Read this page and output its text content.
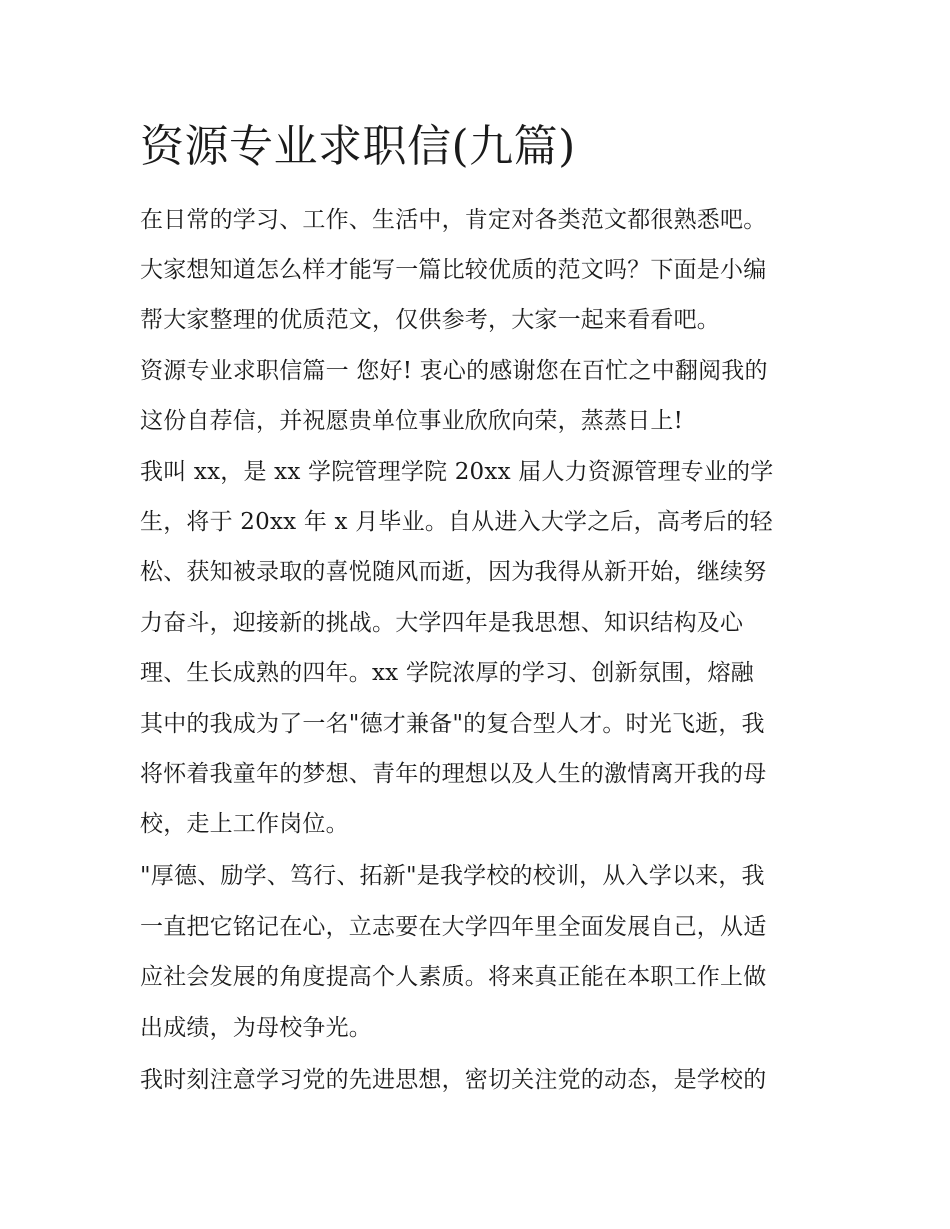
资源专业求职信(九篇)

在日常的学习、工作、生活中，肯定对各类范文都很熟悉吧。

大家想知道怎么样才能写一篇比较优质的范文吗？下面是小编

帮大家整理的优质范文，仅供参考，大家一起来看看吧。

资源专业求职信篇一 您好! 衷心的感谢您在百忙之中翻阅我的

这份自荐信，并祝愿贵单位事业欣欣向荣，蒸蒸日上!

我叫 xx，是 xx 学院管理学院 20xx 届人力资源管理专业的学

生，将于 20xx 年 x 月毕业。自从进入大学之后，高考后的轻

松、获知被录取的喜悦随风而逝，因为我得从新开始，继续努

力奋斗，迎接新的挑战。大学四年是我思想、知识结构及心

理、生长成熟的四年。xx 学院浓厚的学习、创新氛围，熔融

其中的我成为了一名"德才兼备"的复合型人才。时光飞逝，我

将怀着我童年的梦想、青年的理想以及人生的激情离开我的母

校，走上工作岗位。

"厚德、励学、笃行、拓新"是我学校的校训，从入学以来，我

一直把它铭记在心，立志要在大学四年里全面发展自己，从适

应社会发展的角度提高个人素质。将来真正能在本职工作上做

出成绩，为母校争光。

我时刻注意学习党的先进思想，密切关注党的动态，是学校的
